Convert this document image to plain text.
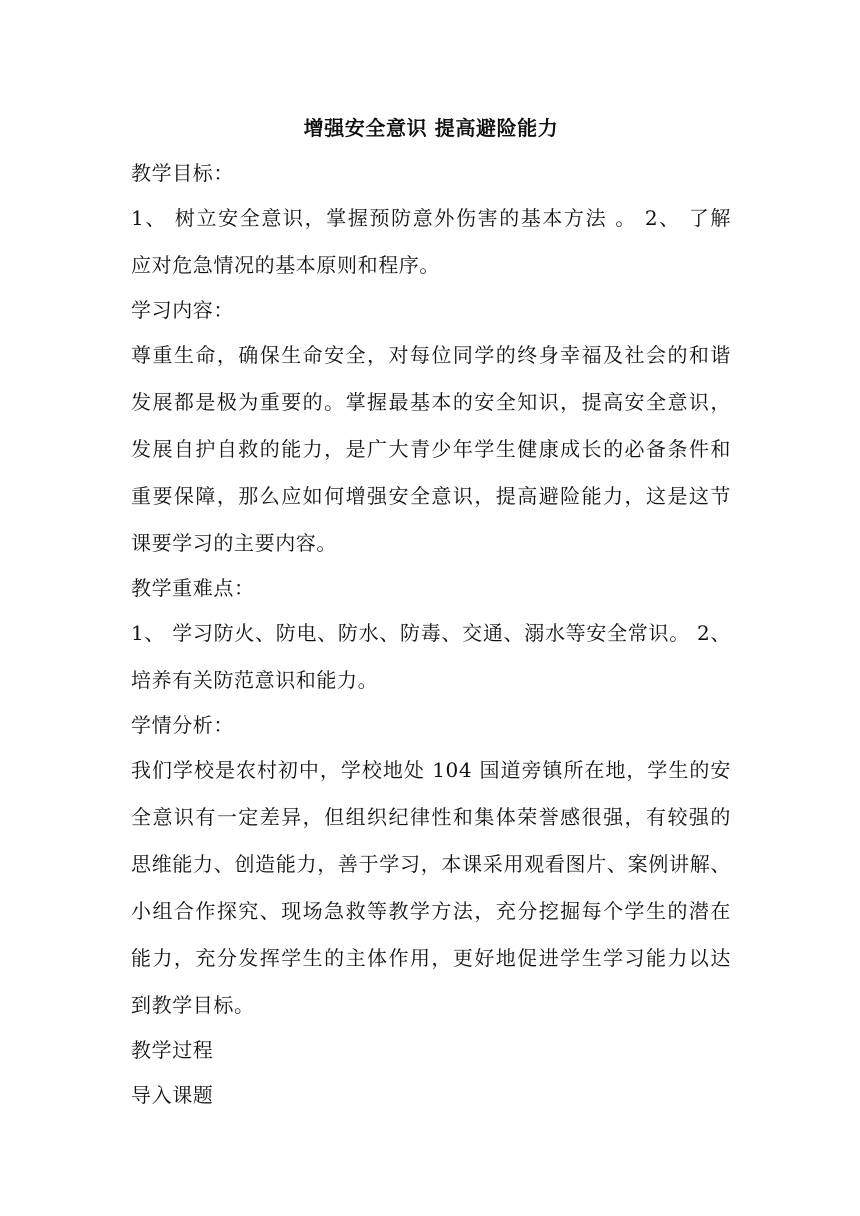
增强安全意识 提高避险能力
教学目标：
1、 树立安全意识，掌握预防意外伤害的基本方法 。 2、 了解
应对危急情况的基本原则和程序。
学习内容：
尊重生命，确保生命安全，对每位同学的终身幸福及社会的和谐
发展都是极为重要的。掌握最基本的安全知识，提高安全意识，
发展自护自救的能力，是广大青少年学生健康成长的必备条件和
重要保障，那么应如何增强安全意识，提高避险能力，这是这节
课要学习的主要内容。
教学重难点：
1、 学习防火、防电、防水、防毒、交通、溺水等安全常识。 2、
培养有关防范意识和能力。
学情分析：
我们学校是农村初中，学校地处 104 国道旁镇所在地，学生的安
全意识有一定差异，但组织纪律性和集体荣誉感很强，有较强的
思维能力、创造能力，善于学习，本课采用观看图片、案例讲解、
小组合作探究、现场急救等教学方法，充分挖掘每个学生的潜在
能力，充分发挥学生的主体作用，更好地促进学生学习能力以达
到教学目标。
教学过程
导入课题
